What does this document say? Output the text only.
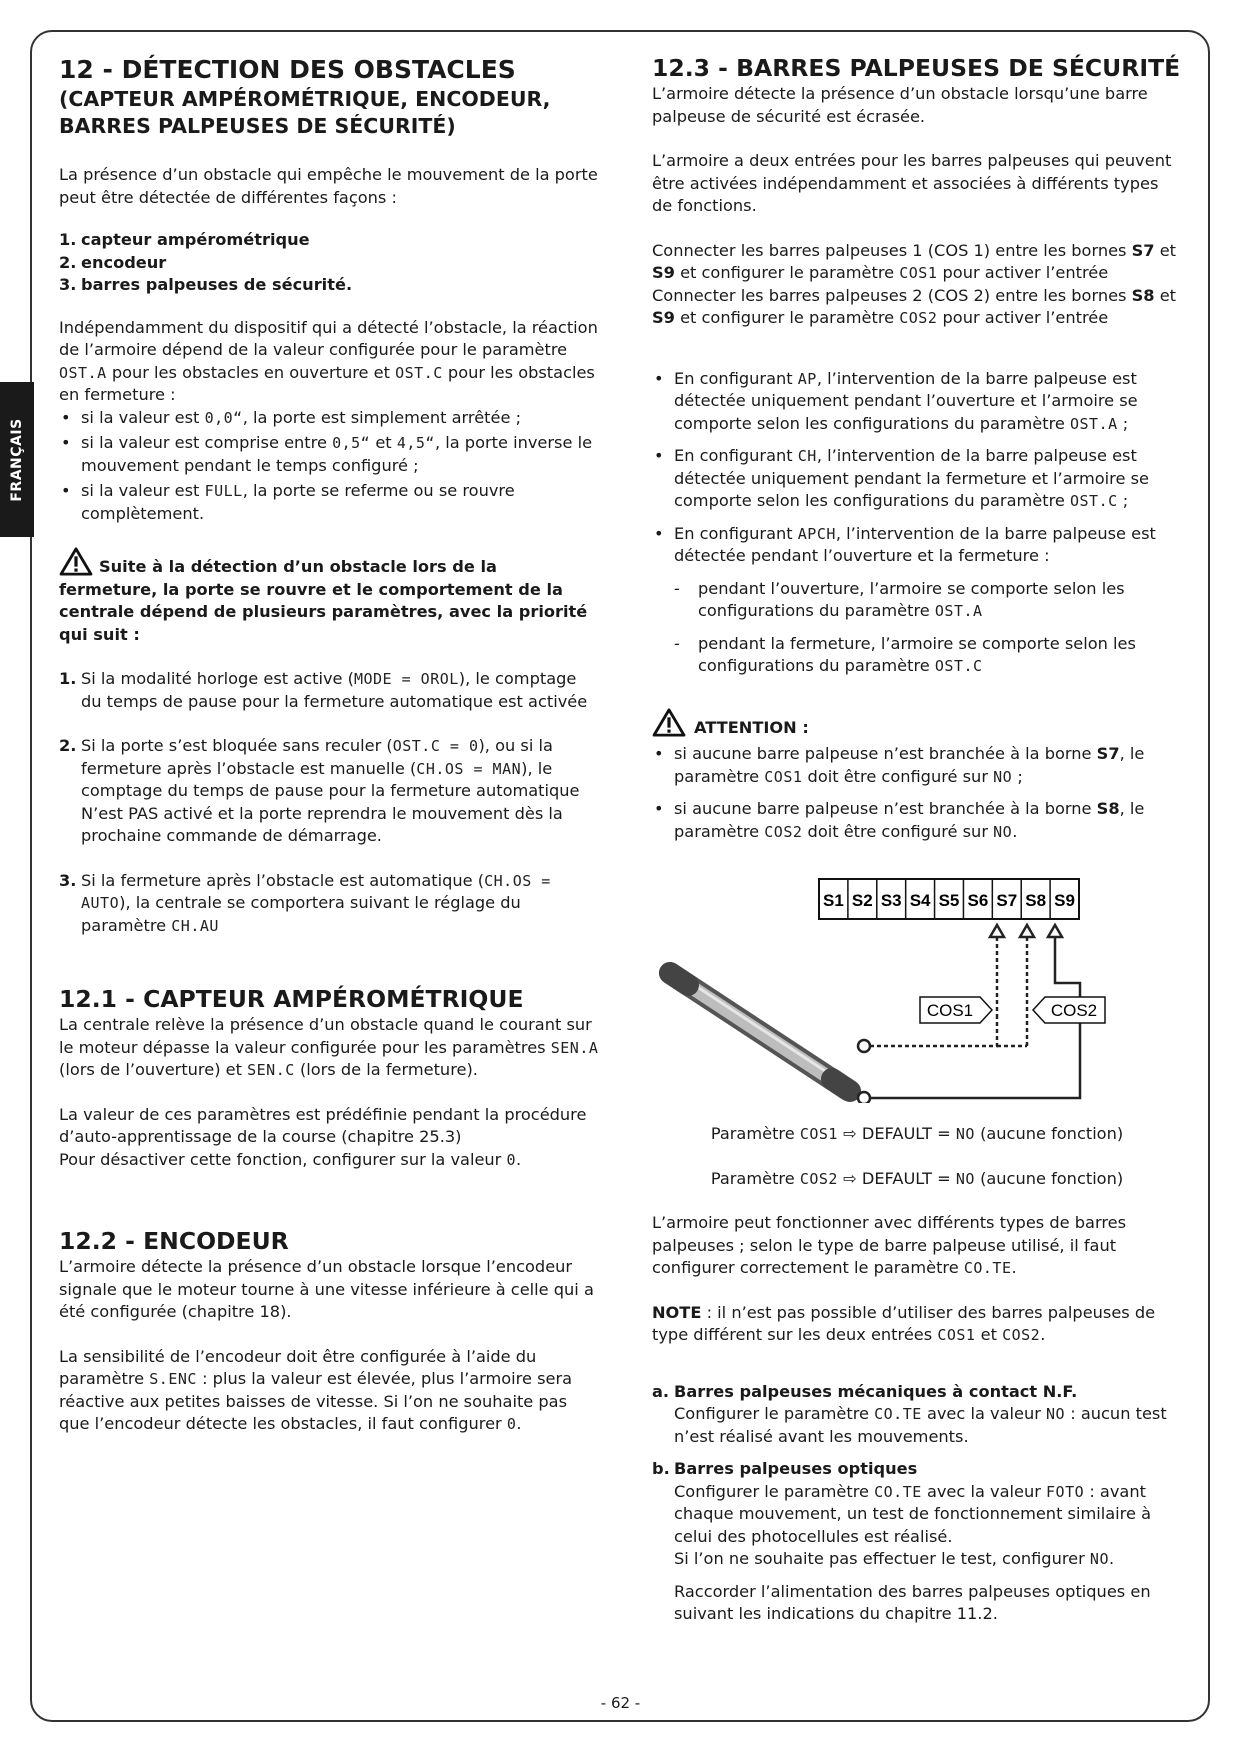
FRANÇAIS
12 - DÉTECTION DES OBSTACLES
(CAPTEUR AMPÉROMÉTRIQUE, ENCODEUR,
BARRES PALPEUSES DE SÉCURITÉ)

La présence d’un obstacle qui empêche le mouvement de la porte peut être détectée de différentes façons :

1. capteur ampérométrique
2. encodeur
3. barres palpeuses de sécurité.

Indépendamment du dispositif qui a détecté l’obstacle, la réaction de l’armoire dépend de la valeur configurée pour le paramètre OST.A pour les obstacles en ouverture et OST.C pour les obstacles en fermeture :

• si la valeur est 0,0“, la porte est simplement arrêtée ;
• si la valeur est comprise entre 0,5“ et 4,5“, la porte inverse le mouvement pendant le temps configuré ;
• si la valeur est FULL, la porte se referme ou se rouvre complètement.

Suite à la détection d’un obstacle lors de la fermeture, la porte se rouvre et le comportement de la centrale dépend de plusieurs paramètres, avec la priorité qui suit :

1. Si la modalité horloge est active (MODE = OROL), le comptage du temps de pause pour la fermeture automatique est activée
2. Si la porte s’est bloquée sans reculer (OST.C = 0), ou si la fermeture après l’obstacle est manuelle (CH.OS = MAN), le comptage du temps de pause pour la fermeture automatique N’est PAS activé et la porte reprendra le mouvement dès la prochaine commande de démarrage.
3. Si la fermeture après l’obstacle est automatique (CH.OS = AUTO), la centrale se comportera suivant le réglage du paramètre CH.AU
12.1 - CAPTEUR AMPÉROMÉTRIQUE

La centrale relève la présence d’un obstacle quand le courant sur le moteur dépasse la valeur configurée pour les paramètres SEN.A (lors de l’ouverture) et SEN.C (lors de la fermeture).

La valeur de ces paramètres est prédéfinie pendant la procédure d’auto-apprentissage de la course (chapitre 25.3)

Pour désactiver cette fonction, configurer sur la valeur 0.

12.2 - ENCODEUR

L’armoire détecte la présence d’un obstacle lorsque l’encodeur signale que le moteur tourne à une vitesse inférieure à celle qui a été configurée (chapitre 18).

La sensibilité de l’encodeur doit être configurée à l’aide du paramètre S.ENC : plus la valeur est élevée, plus l’armoire sera réactive aux petites baisses de vitesse. Si l’on ne souhaite pas que l’encodeur détecte les obstacles, il faut configurer 0.

12.3 - BARRES PALPEUSES DE SÉCURITÉ

L’armoire détecte la présence d’un obstacle lorsqu’une barre palpeuse de sécurité est écrasée.

L’armoire a deux entrées pour les barres palpeuses qui peuvent être activées indépendamment et associées à différents types de fonctions.

Connecter les barres palpeuses 1 (COS 1) entre les bornes S7 et S9 et configurer le paramètre COS1 pour activer l’entrée

Connecter les barres palpeuses 2 (COS 2) entre les bornes S8 et S9 et configurer le paramètre COS2 pour activer l’entrée

• En configurant AP, l’intervention de la barre palpeuse est détectée uniquement pendant l’ouverture et l’armoire se comporte selon les configurations du paramètre OST.A ;
• En configurant CH, l’intervention de la barre palpeuse est détectée uniquement pendant la fermeture et l’armoire se comporte selon les configurations du paramètre OST.C ;
• En configurant APCH, l’intervention de la barre palpeuse est détectée pendant l’ouverture et la fermeture :
- pendant l’ouverture, l’armoire se comporte selon les configurations du paramètre OST.A
- pendant la fermeture, l’armoire se comporte selon les configurations du paramètre OST.C

ATTENTION :

• si aucune barre palpeuse n’est branchée à la borne S7, le paramètre COS1 doit être configuré sur NO ;
• si aucune barre palpeuse n’est branchée à la borne S8, le paramètre COS2 doit être configuré sur NO.
S1 S2 S3 S4 S5 S6 S7 S8 S9
COS1	COS2

Paramètre COS1 ⇨ DEFAULT = NO (aucune fonction)

Paramètre COS2 ⇨ DEFAULT = NO (aucune fonction)

L’armoire peut fonctionner avec différents types de barres palpeuses ; selon le type de barre palpeuse utilisé, il faut configurer correctement le paramètre CO.TE.

NOTE : il n’est pas possible d’utiliser des barres palpeuses de type différent sur les deux entrées COS1 et COS2.

a. Barres palpeuses mécaniques à contact N.F.
Configurer le paramètre CO.TE avec la valeur NO : aucun test n’est réalisé avant les mouvements.
b. Barres palpeuses optiques
Configurer le paramètre CO.TE avec la valeur FOTO : avant chaque mouvement, un test de fonctionnement similaire à celui des photocellules est réalisé.
Si l’on ne souhaite pas effectuer le test, configurer NO.

Raccorder l’alimentation des barres palpeuses optiques en suivant les indications du chapitre 11.2.
- 62 -
